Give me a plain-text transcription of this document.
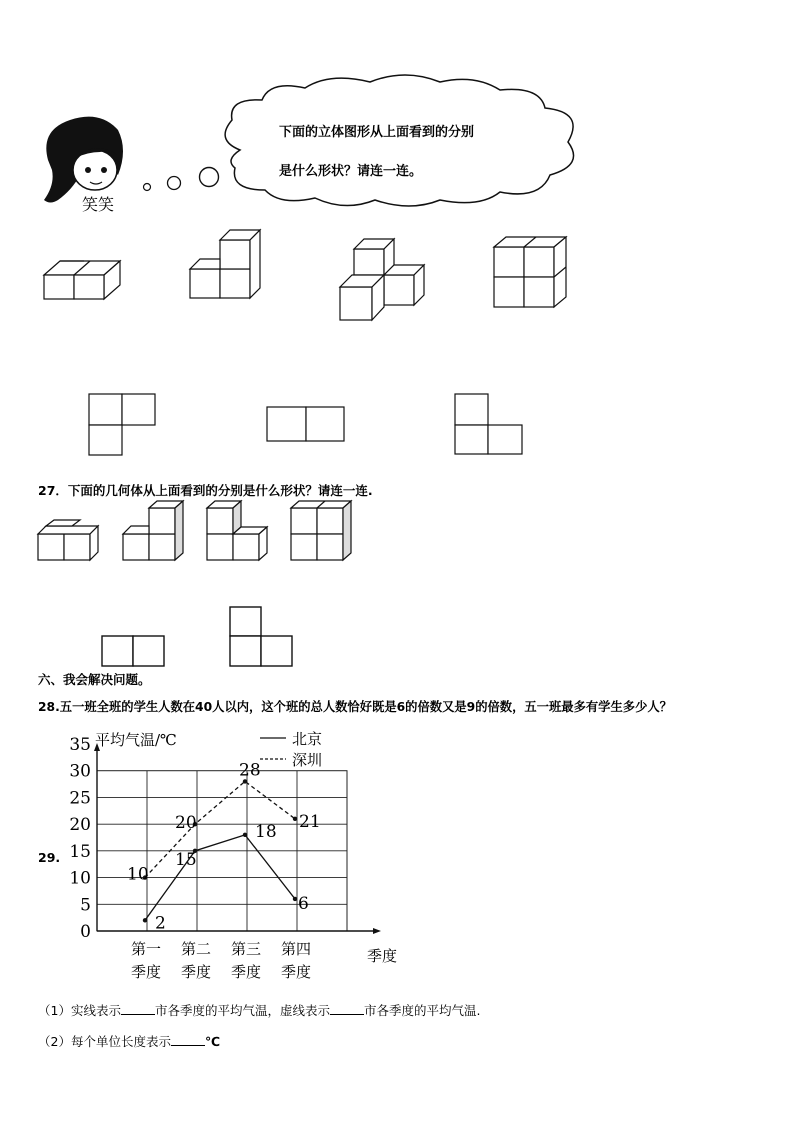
下面的立体图形从上面看到的分别
是什么形状？请连一连。
笑笑
27．下面的几何体从上面看到的分别是什么形状？请连一连.
六、我会解决问题。
28.五一班全班的学生人数在40人以内，这个班的总人数恰好既是6的倍数又是9的倍数，五一班最多有学生多少人？
29.
平均气温/℃
0
5
10
15
20
25
30
35
第一
季度
第二
季度
第三
季度
第四
季度
季度
北京
深圳
2
15
18
6
10
20
28
21
（1）实线表示	市各季度的平均气温，虚线表示	市各季度的平均气温.
（2）每个单位长度表示	℃
